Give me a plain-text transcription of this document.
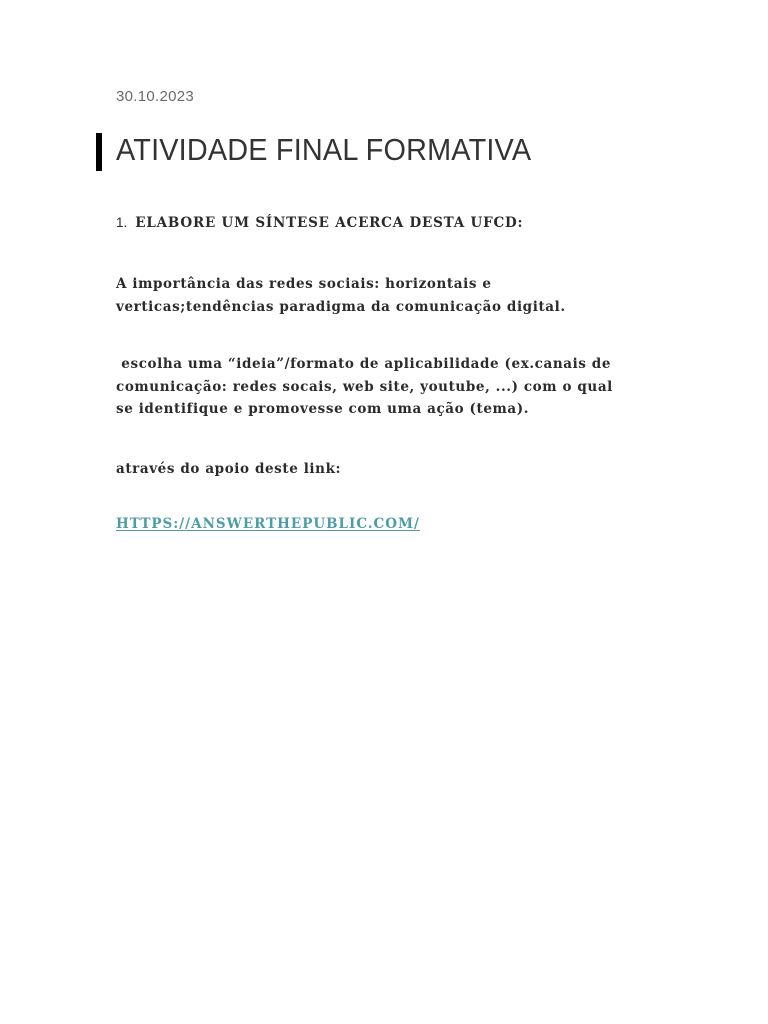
30.10.2023
ATIVIDADE FINAL FORMATIVA
1. ELABORE UM SÍNTESE ACERCA DESTA UFCD:
A importância das redes sociais: horizontais e
verticas;tendências paradigma da comunicação digital.
escolha uma “ideia”/formato de aplicabilidade (ex.canais de
comunicação: redes socais, web site, youtube, ...) com o qual
se identifique e promovesse com uma ação (tema).
através do apoio deste link:
HTTPS://ANSWERTHEPUBLIC.COM/
